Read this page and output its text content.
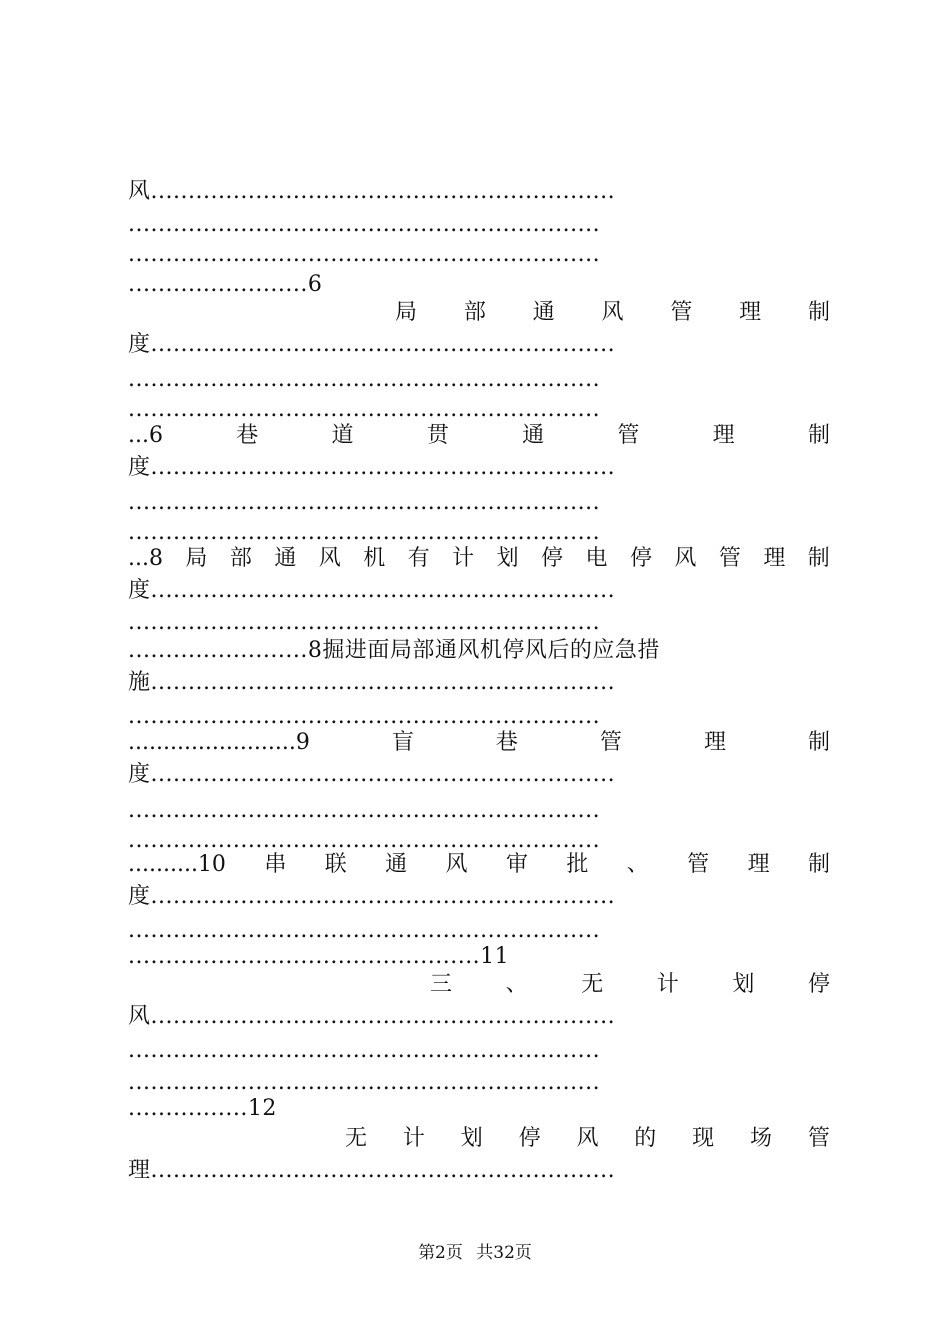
风..............................................................
...............................................................
...............................................................
........................6
局 部 通 风 管 理 制
度..............................................................
...............................................................
...............................................................
...6	巷	道	贯	通	管	理	制
度..............................................................
...............................................................
...............................................................
...8 局 部 通 风 机 有 计 划 停 电 停 风 管 理 制
度..............................................................
...............................................................
........................8掘进面局部通风机停风后的应急措
施..............................................................
...............................................................
........................9	盲	巷	管	理	制
度..............................................................
...............................................................
...............................................................
..........10 串 联 通 风 审 批 、 管 理 制
度..............................................................
...............................................................
...............................................11
三 、 无 计 划 停
风..............................................................
...............................................................
...............................................................
................12
无 计 划 停 风 的 现 场 管
理..............................................................
第2页 共32页
